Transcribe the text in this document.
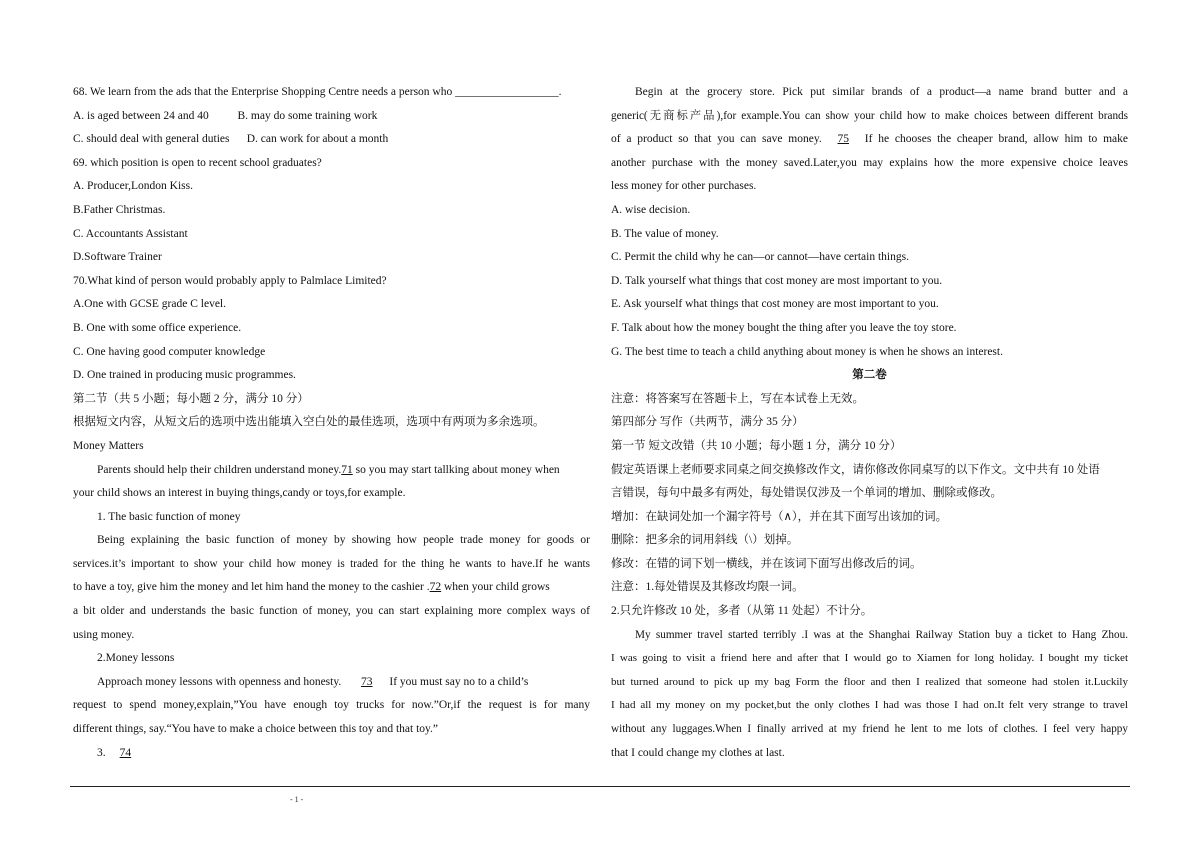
68. We learn from the ads that the Enterprise Shopping Centre needs a person who __________________.
A. is aged between 24 and 40          B. may do some training work
C. should deal with general duties      D. can work for about a month
69. which position is open to recent school graduates?
A. Producer,London Kiss.
B.Father Christmas.
C. Accountants Assistant
D.Software Trainer
70.What kind of person would probably apply to Palmlace Limited?
A.One with GCSE grade C level.
B. One with some office experience.
C. One having good computer knowledge
D. One trained in producing music programmes.
第二节（共 5 小题；每小题 2 分，满分 10 分）
根据短文内容，从短文后的选项中选出能填入空白处的最佳选项，选项中有两项为多余选项。
Money Matters
Parents should help their children understand money.71 so you may start tallking about money when
your child shows an interest in buying things,candy or toys,for example.
1. The basic function of money
Being explaining the basic function of money by showing how people trade money for goods or
services.it’s important to show your child how money is traded for the thing he wants to have.If he wants
to have a toy, give him the money and let him hand the money to the cashier .72 when your child grows
a bit older and understands the basic function of money, you can start explaining more complex ways of
using money.
2.Money lessons
Approach money lessons with openness and honesty.  73 If you must say no to a child’s
request to spend money,explain,”You have enough toy trucks for now.”Or,if the request is for many
different things, say.“You have to make a choice between this toy and that toy.”
3. 74
Begin at the grocery store. Pick put similar brands of a product—a name brand butter and a
generic(无商标产品),for example.You can show your child how to make choices between different brands
of a product so that you can save money. 75 If he chooses the cheaper brand, allow him to make
another purchase with the money saved.Later,you may explains how the more expensive choice leaves
less money for other purchases.
A. wise decision.
B. The value of money.
C. Permit the child why he can—or cannot—have certain things.
D. Talk yourself what things that cost money are most important to you.
E. Ask yourself what things that cost money are most important to you.
F. Talk about how the money bought the thing after you leave the toy store.
G. The best time to teach a child anything about money is when he shows an interest.
第二卷
注意：将答案写在答题卡上，写在本试卷上无效。
第四部分 写作（共两节，满分 35 分）
第一节 短文改错（共 10 小题；每小题 1 分，满分 10 分）
假定英语课上老师要求同桌之间交换修改作文，请你修改你同桌写的以下作文。文中共有 10 处语
言错误，每句中最多有两处，每处错误仅涉及一个单词的增加、删除或修改。
增加：在缺词处加一个漏字符号（∧），并在其下面写出该加的词。
删除：把多余的词用斜线（\）划掉。
修改：在错的词下划一横线，并在该词下面写出修改后的词。
注意：1.每处错误及其修改均限一词。
2.只允许修改 10 处，多者（从第 11 处起）不计分。
My summer travel started terribly .I was at the Shanghai Railway Station buy a ticket to Hang Zhou.
I was going to visit a friend here and after that I would go to Xiamen for long holiday. I bought my ticket
but turned around to pick up my bag Form the floor and then I realized that someone had stolen it.Luckily
I had all my money on my pocket,but the only clothes I had was those I had on.It felt very strange to travel
without any luggages.When I finally arrived at my friend he lent to me lots of clothes. I feel very happy
that I could change my clothes at last.
- 1 -
